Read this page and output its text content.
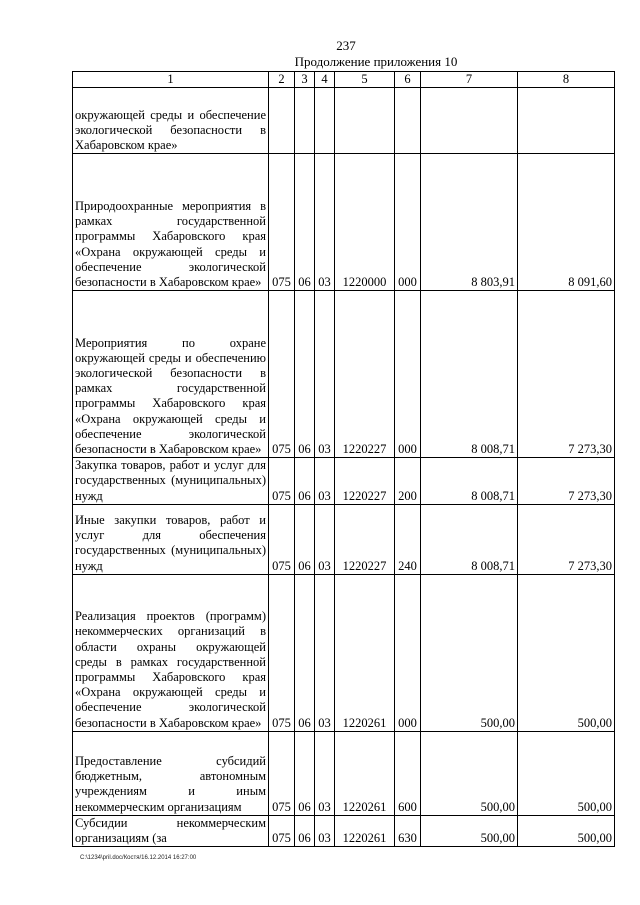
237
Продолжение приложения 10
1	2	3	4	5	6	7	8

окружающей среды и обеспечение экологической безопасности в Хабаровском крае»							

Природоохранные мероприятия в рамках государственной программы Хабаровского края «Охрана окружающей среды и обеспечение экологической безопасности в Хабаровском крае»	075	06	03	1220000	000	8 803,91	8 091,60

Мероприятия по охране окружающей среды и обеспечению экологической безопасности в рамках государственной программы Хабаровского края «Охрана окружающей среды и обеспечение экологической безопасности в Хабаровском крае»	075	06	03	1220227	000	8 008,71	7 273,30

Закупка товаров, работ и услуг для государственных (муниципальных) нужд	075	06	03	1220227	200	8 008,71	7 273,30

Иные закупки товаров, работ и услуг для обеспечения государственных (муниципальных) нужд	075	06	03	1220227	240	8 008,71	7 273,30

Реализация проектов (программ) некоммерческих организаций в области охраны окружающей среды в рамках государственной программы Хабаровского края «Охрана окружающей среды и обеспечение экологической безопасности в Хабаровском крае»	075	06	03	1220261	000	500,00	500,00

Предоставление субсидий бюджетным, автономным учреждениям и иным некоммерческим организациям	075	06	03	1220261	600	500,00	500,00

Субсидии некоммерческим организациям (за	075	06	03	1220261	630	500,00	500,00
C:\1234\pril.doc/Костя/16.12.2014 16:27:00
